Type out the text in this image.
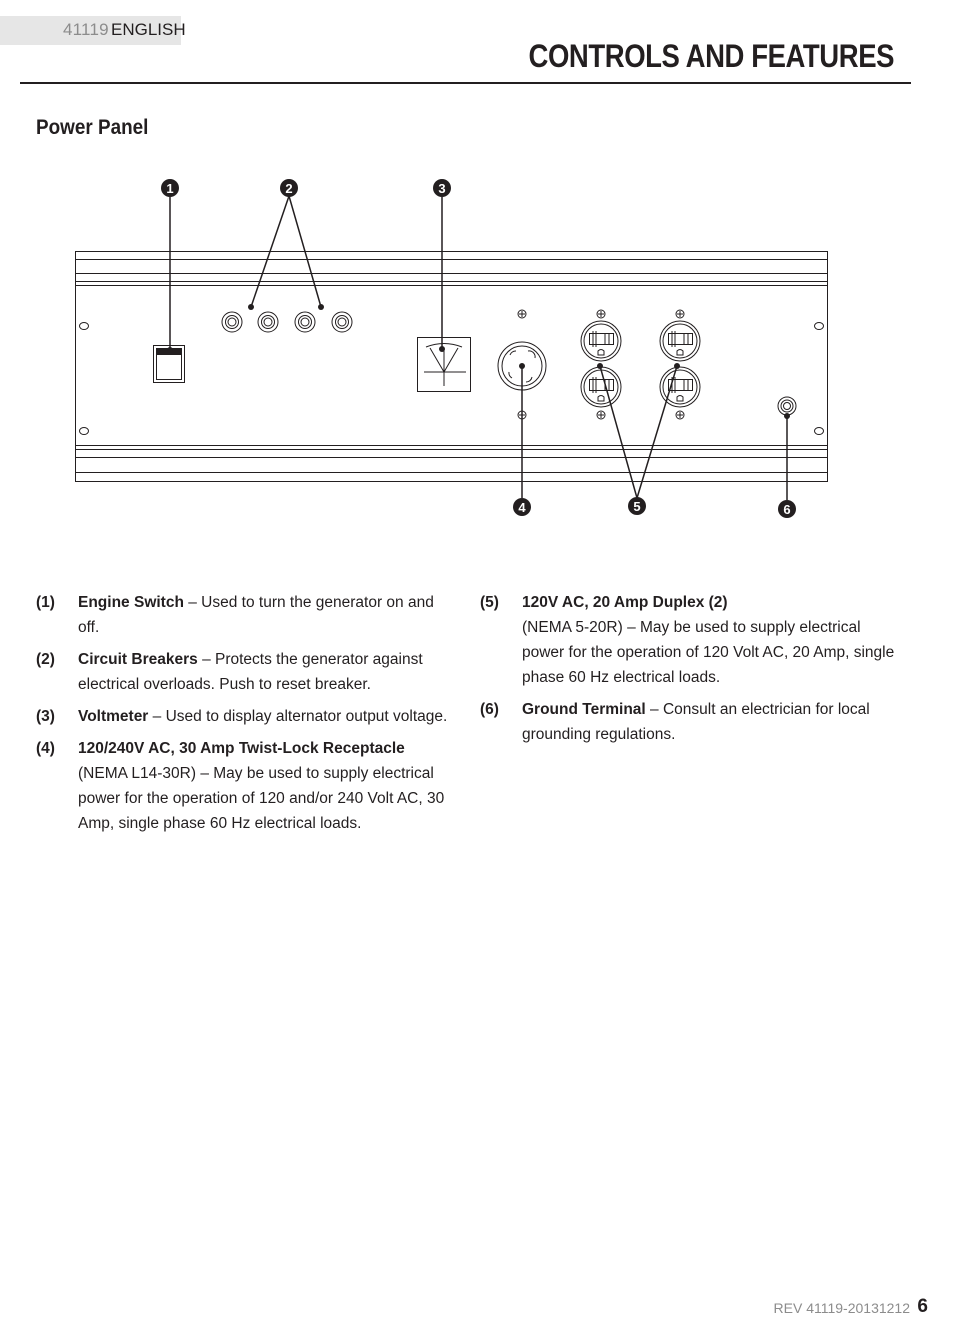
41119 ENGLISH
CONTROLS AND FEATURES
Power Panel
1	2	3
4	5	6
(1) Engine Switch – Used to turn the generator on and off.
(2) Circuit Breakers – Protects the generator against electrical overloads. Push to reset breaker.
(3) Voltmeter – Used to display alternator output voltage.
(4) 120/240V AC, 30 Amp Twist-Lock Receptacle
(NEMA L14-30R) – May be used to supply electrical power for the operation of 120 and/or 240 Volt AC, 30 Amp, single phase 60 Hz electrical loads.
(5) 120V AC, 20 Amp Duplex (2)
(NEMA 5-20R) – May be used to supply electrical power for the operation of 120 Volt AC, 20 Amp, single phase 60 Hz electrical loads.
(6) Ground Terminal – Consult an electrician for local grounding regulations.
REV 41119-20131212 6
